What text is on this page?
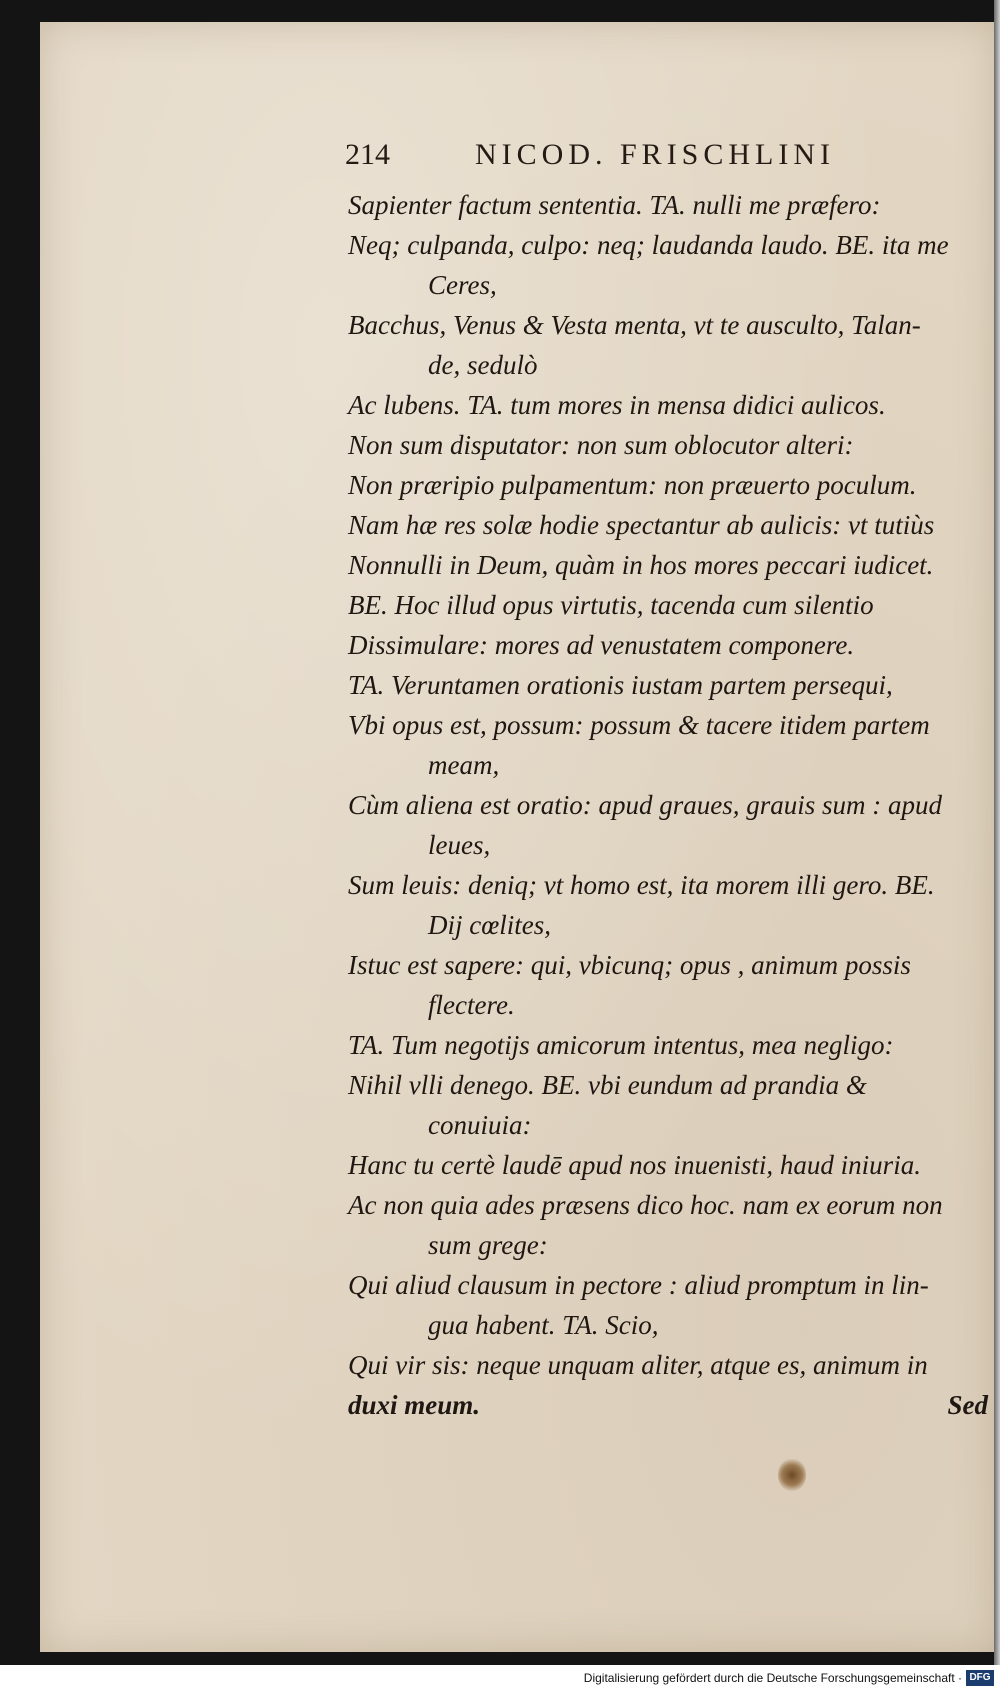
214	NICOD. FRISCHLINI
Sapienter factum sententia. TA. nulli me præfero:
Neq; culpanda, culpo: neq; laudanda laudo. BE. ita me
Ceres,
Bacchus, Venus & Vesta menta, vt te ausculto, Talan-
de, sedulò
Ac lubens. TA. tum mores in mensa didici aulicos.
Non sum disputator: non sum oblocutor alteri:
Non præripio pulpamentum: non præuerto poculum.
Nam hæ res solæ hodie spectantur ab aulicis: vt tutiùs
Nonnulli in Deum, quàm in hos mores peccari iudicet.
BE. Hoc illud opus virtutis, tacenda cum silentio
Dissimulare: mores ad venustatem componere.
TA. Veruntamen orationis iustam partem persequi,
Vbi opus est, possum: possum & tacere itidem partem
meam,
Cùm aliena est oratio: apud graues, grauis sum : apud
leues,
Sum leuis: deniq; vt homo est, ita morem illi gero. BE.
Dij cœlites,
Istuc est sapere: qui, vbicunq; opus , animum possis
flectere.
TA. Tum negotijs amicorum intentus, mea negligo:
Nihil vlli denego. BE. vbi eundum ad prandia &
conuiuia:
Hanc tu certè laudē apud nos inuenisti, haud iniuria.
Ac non quia ades præsens dico hoc. nam ex eorum non
sum grege:
Qui aliud clausum in pectore : aliud promptum in lin-
gua habent. TA. Scio,
Qui vir sis: neque unquam aliter, atque es, animum in
duxi meum.	Sed
Digitalisierung gefördert durch die Deutsche Forschungsgemeinschaft · DFG
